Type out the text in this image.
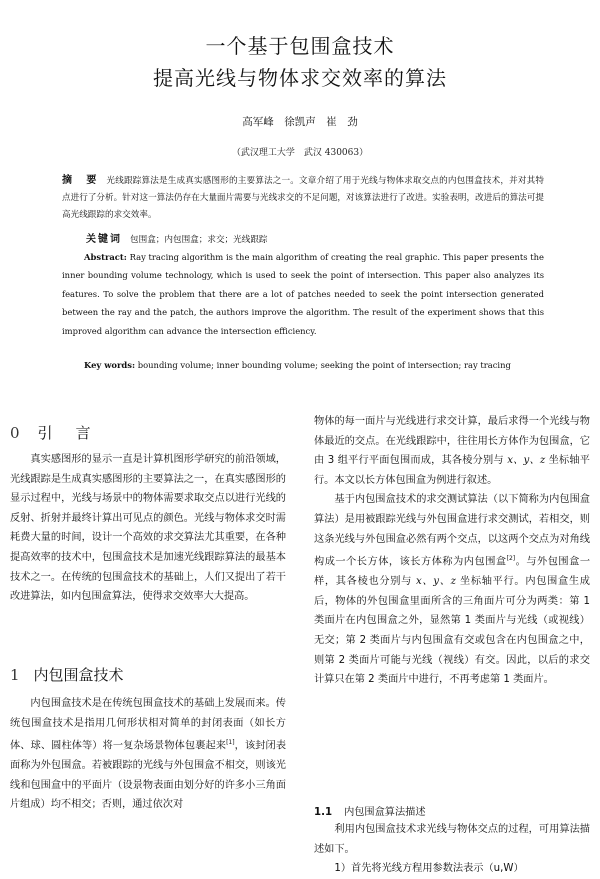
一个基于包围盒技术
提高光线与物体求交效率的算法
高军峰　徐凯声　崔　劲
（武汉理工大学　武汉 430063）
摘　要 光线跟踪算法是生成真实感图形的主要算法之一。文章介绍了用于光线与物体求取交点的内包围盒技术，并对其特点进行了分析。针对这一算法仍存在大量面片需要与光线求交的不足问题，对该算法进行了改进。实验表明，改进后的算法可提高光线跟踪的求交效率。
关键词 包围盒；内包围盒；求交；光线跟踪
Abstract: Ray tracing algorithm is the main algorithm of creating the real graphic. This paper presents the inner bounding volume technology, which is used to seek the point of intersection. This paper also analyzes its features. To solve the problem that there are a lot of patches needed to seek the point intersection generated between the ray and the patch, the authors improve the algorithm. The result of the experiment shows that this improved algorithm can advance the intersection efficiency.
Key words: bounding volume; inner bounding volume; seeking the point of intersection; ray tracing
0 引　言

真实感图形的显示一直是计算机图形学研究的前沿领域，光线跟踪是生成真实感图形的主要算法之一，在真实感图形的显示过程中，光线与场景中的物体需要求取交点以进行光线的反射、折射并最终计算出可见点的颜色。光线与物体求交时需耗费大量的时间，设计一个高效的求交算法尤其重要，在各种提高效率的技术中，包围盒技术是加速光线跟踪算法的最基本技术之一。在传统的包围盒技术的基础上，人们又提出了若干改进算法，如内包围盒算法，使得求交效率大大提高。

1 内包围盒技术

内包围盒技术是在传统包围盒技术的基础上发展而来。传统包围盒技术是指用几何形状相对简单的封闭表面（如长方体、球、圆柱体等）将一复杂场景物体包裹起来[1]，该封闭表面称为外包围盒。若被跟踪的光线与外包围盒不相交，则该光线和包围盒中的平面片（设景物表面由划分好的许多小三角面片组成）均不相交；否则，通过依次对

物体的每一面片与光线进行求交计算，最后求得一个光线与物体最近的交点。在光线跟踪中，往往用长方体作为包围盒，它由 3 组平行平面包围而成，其各棱分别与 x、y、z 坐标轴平行。本文以长方体包围盒为例进行叙述。

基于内包围盒技术的求交测试算法（以下简称为内包围盒算法）是用被跟踪光线与外包围盒进行求交测试，若相交，则这条光线与外包围盒必然有两个交点，以这两个交点为对角线构成一个长方体，该长方体称为内包围盒[2]。与外包围盒一样，其各棱也分别与 x、y、z 坐标轴平行。内包围盒生成后，物体的外包围盒里面所含的三角面片可分为两类：第 1 类面片在内包围盒之外，显然第 1 类面片与光线（或视线）无交；第 2 类面片与内包围盒有交或包含在内包围盒之中，则第 2 类面片可能与光线（视线）有交。因此，以后的求交计算只在第 2 类面片中进行，不再考虑第 1 类面片。

1.1 内包围盒算法描述

利用内包围盒技术求光线与物体交点的过程，可用算法描述如下。

1）首先将光线方程用参数法表示（u,W）
